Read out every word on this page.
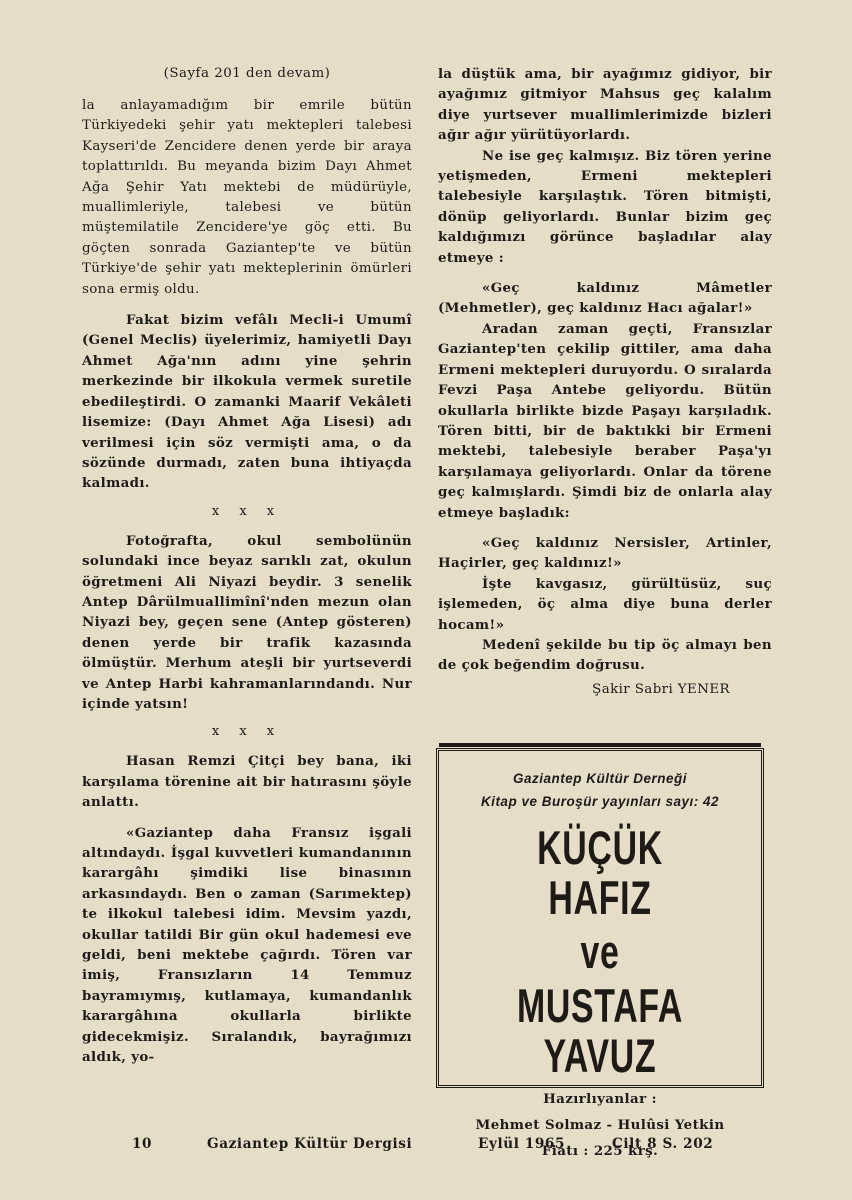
(Sayfa 201 den devam)

la anlayamadığım bir emrile bütün Türkiyedeki şehir yatı mektepleri talebesi Kayseri'de Zencidere denen yerde bir araya toplattırıldı. Bu meyanda bizim Dayı Ahmet Ağa Şehir Yatı mektebi de müdürüyle, muallimleriyle, talebesi ve bütün müştemilatile Zencidere'ye göç etti. Bu göçten sonrada Gaziantep'te ve bütün Türkiye'de şehir yatı mekteplerinin ömürleri sona ermiş oldu.

Fakat bizim vefâlı Mecli-i Umumî (Genel Meclis) üyelerimiz, hamiyetli Dayı Ahmet Ağa'nın adını yine şehrin merkezinde bir ilkokula vermek suretile ebedileştirdi. O zamanki Maarif Vekâleti lisemize: (Dayı Ahmet Ağa Lisesi) adı verilmesi için söz vermişti ama, o da sözünde durmadı, zaten buna ihtiyaçda kalmadı.

x x x

Fotoğrafta, okul sembolünün solundaki ince beyaz sarıklı zat, okulun öğretmeni Ali Niyazi beydir. 3 senelik Antep Dârülmuallimînî'nden mezun olan Niyazi bey, geçen sene (Antep gösteren) denen yerde bir trafik kazasında ölmüştür. Merhum ateşli bir yurtseverdi ve Antep Harbi kahramanlarındandı. Nur içinde yatsın!

x x x

Hasan Remzi Çitçi bey bana, iki karşılama törenine ait bir hatırasını şöyle anlattı.

«Gaziantep daha Fransız işgali altındaydı. İşgal kuvvetleri kumandanının karargâhı şimdiki lise binasının arkasındaydı. Ben o zaman (Sarımektep) te ilkokul talebesi idim. Mevsim yazdı, okullar tatildi Bir gün okul hademesi eve geldi, beni mektebe çağırdı. Tören var imiş, Fransızların 14 Temmuz bayramıymış, kutlamaya, kumandanlık karargâhına okullarla birlikte gidecekmişiz. Sıralandık, bayrağımızı aldık, yo-

la düştük ama, bir ayağımız gidiyor, bir ayağımız gitmiyor Mahsus geç kalalım diye yurtsever muallimlerimizde bizleri ağır ağır yürütüyorlardı.

Ne ise geç kalmışız. Biz tören yerine yetişmeden, Ermeni mektepleri talebesiyle karşılaştık. Tören bitmişti, dönüp geliyorlardı. Bunlar bizim geç kaldığımızı görünce başladılar alay etmeye :

«Geç kaldınız Mâmetler (Mehmetler), geç kaldınız Hacı ağalar!»

Aradan zaman geçti, Fransızlar Gaziantep'ten çekilip gittiler, ama daha Ermeni mektepleri duruyordu. O sıralarda Fevzi Paşa Antebe geliyordu. Bütün okullarla birlikte bizde Paşayı karşıladık. Tören bitti, bir de baktıkki bir Ermeni mektebi, talebesiyle beraber Paşa'yı karşılamaya geliyorlardı. Onlar da törene geç kalmışlardı. Şimdi biz de onlarla alay etmeye başladık:

«Geç kaldınız Nersisler, Artinler, Haçirler, geç kaldınız!»

İşte kavgasız, gürültüsüz, suç işlemeden, öç alma diye buna derler hocam!»

Medenî şekilde bu tip öç almayı ben de çok beğendim doğrusu.

Şakir Sabri YENER
Gaziantep Kültür Derneği
Kitap ve Buroşür yayınları sayı: 42
KÜÇÜK HAFIZ
ve
MUSTAFA YAVUZ
Hazırlıyanlar :
Mehmet Solmaz - Hulûsi Yetkin
Fiatı : 225 krş.
10	Gaziantep Kültür Dergisi	Eylül 1965	Cilt 8 S. 202
